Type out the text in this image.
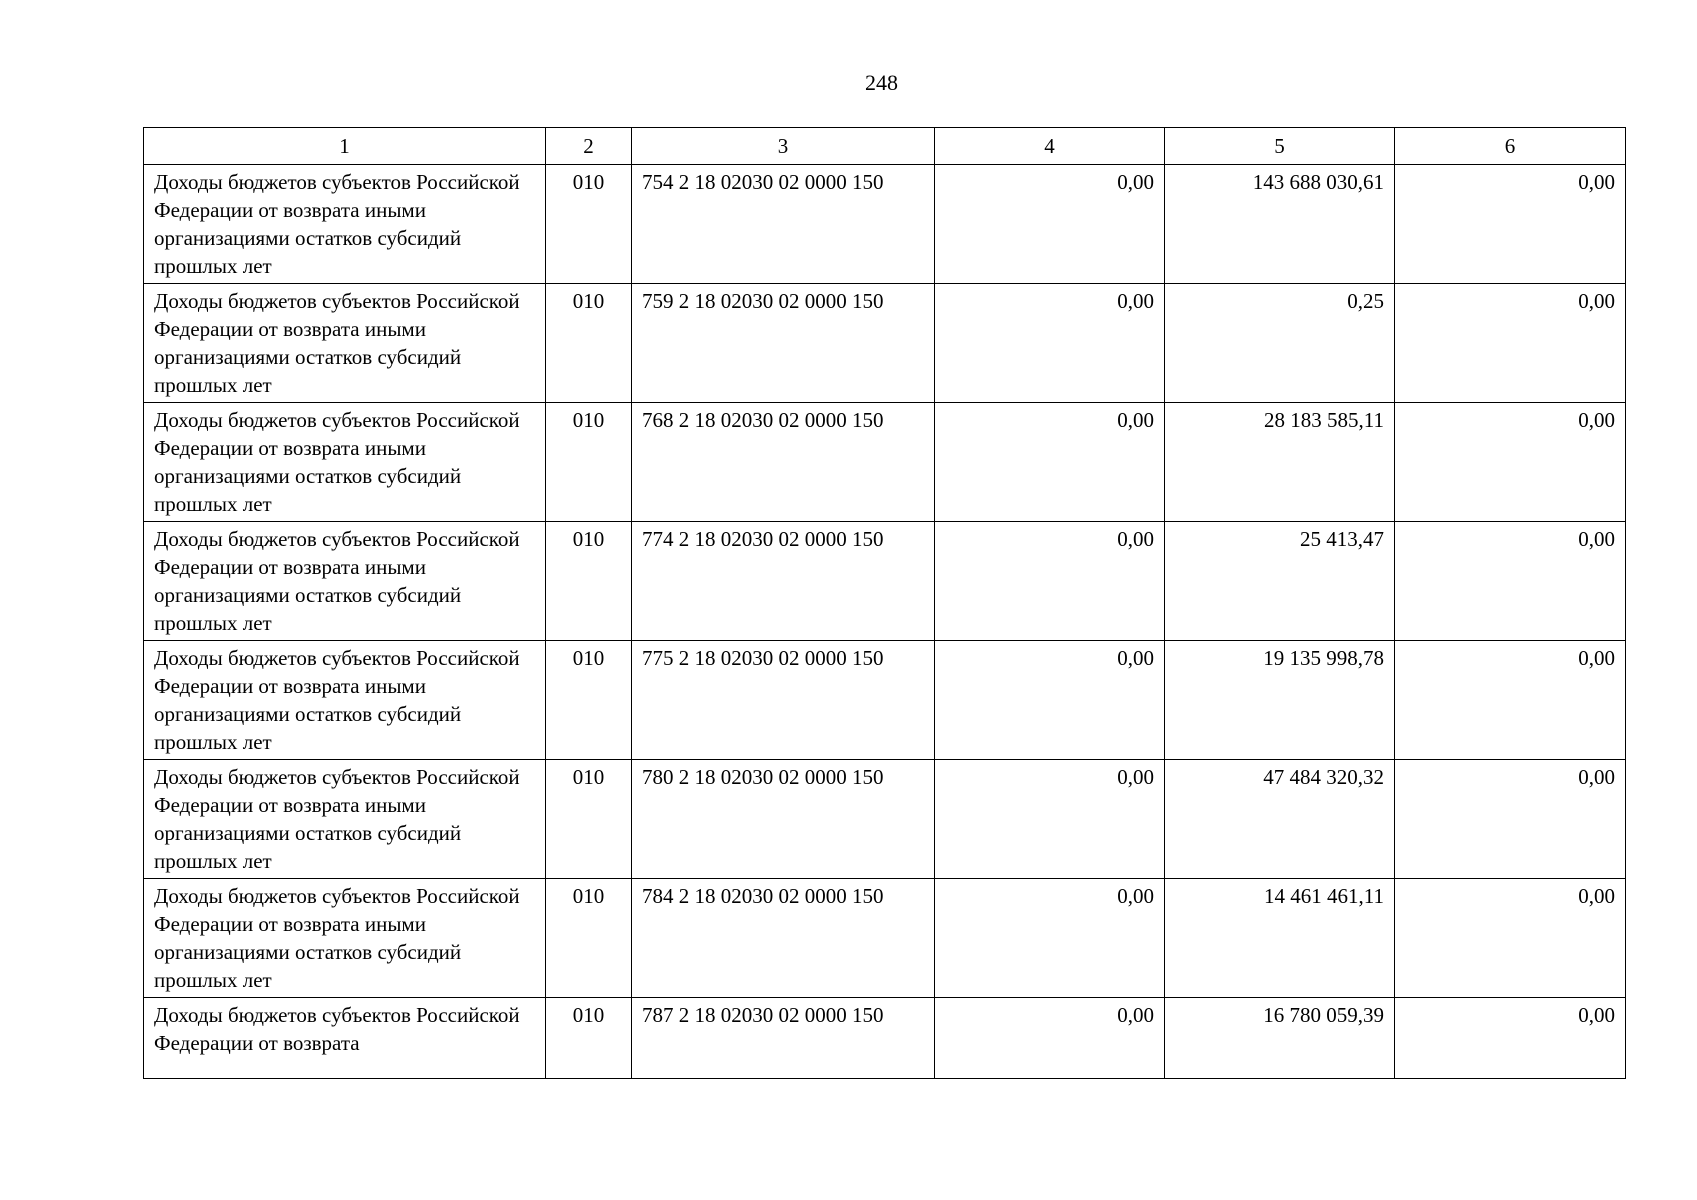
248
1	2	3	4	5	6
Доходы бюджетов субъектов Российской Федерации от возврата иными организациями остатков субсидий прошлых лет	010	754 2 18 02030 02 0000 150	0,00	143 688 030,61	0,00
Доходы бюджетов субъектов Российской Федерации от возврата иными организациями остатков субсидий прошлых лет	010	759 2 18 02030 02 0000 150	0,00	0,25	0,00
Доходы бюджетов субъектов Российской Федерации от возврата иными организациями остатков субсидий прошлых лет	010	768 2 18 02030 02 0000 150	0,00	28 183 585,11	0,00
Доходы бюджетов субъектов Российской Федерации от возврата иными организациями остатков субсидий прошлых лет	010	774 2 18 02030 02 0000 150	0,00	25 413,47	0,00
Доходы бюджетов субъектов Российской Федерации от возврата иными организациями остатков субсидий прошлых лет	010	775 2 18 02030 02 0000 150	0,00	19 135 998,78	0,00
Доходы бюджетов субъектов Российской Федерации от возврата иными организациями остатков субсидий прошлых лет	010	780 2 18 02030 02 0000 150	0,00	47 484 320,32	0,00
Доходы бюджетов субъектов Российской Федерации от возврата иными организациями остатков субсидий прошлых лет	010	784 2 18 02030 02 0000 150	0,00	14 461 461,11	0,00
Доходы бюджетов субъектов Российской Федерации от возврата	010	787 2 18 02030 02 0000 150	0,00	16 780 059,39	0,00
